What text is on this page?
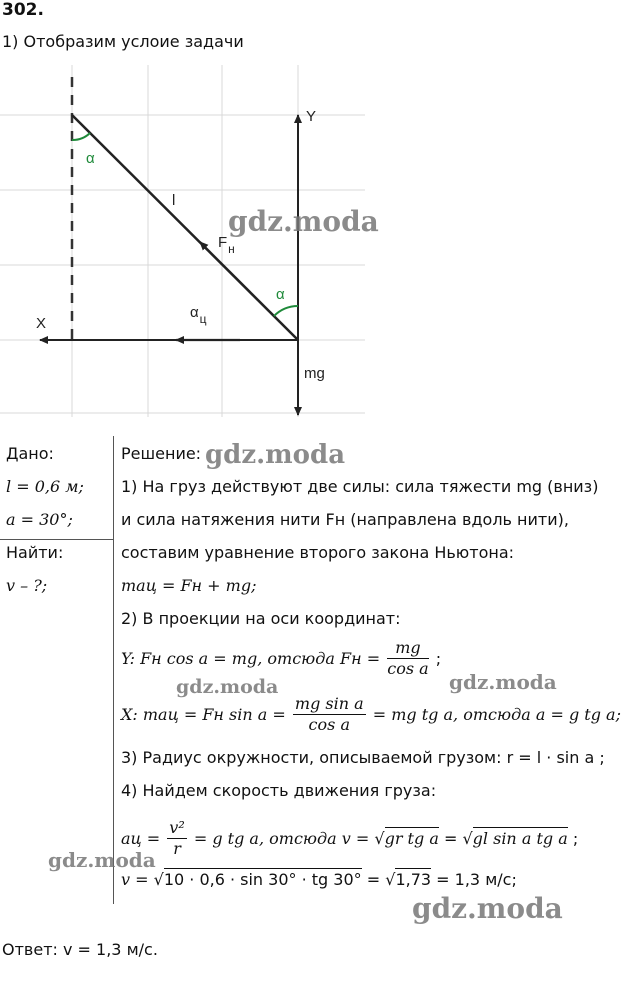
302.
1) Отобразим услоие задачи
Y
X
α
α
l
$F_н$
$\alpha_ц$
mg
Дано:
l = 0,6 м;
a = 30°;
Найти:
v – ?;
Решение:
1) На груз действуют две силы: сила тяжести mg (вниз)
и сила натяжения нити Fн (направлена вдоль нити),
составим уравнение второго закона Ньютона:
maц = Fн + mg;
2) В проекции на оси координат:
Y: Fн cos a = mg, отсюда Fн = $\frac{mg}{\text{cos a}}$ ;
X: maц = Fн $\sin a = \frac{\text{mg sin a}}{\text{cos a}}$ = mg tg a, отсюда a = g tg a;
3) Радиус окружности, описываемой грузом: r = l · sin a ;
4) Найдем скорость движения груза:
aц = $\frac{\text{v²}}{r} = g$ tg a, отсюда v = √gr tg a = √gl sin a tg a ;
v = √10 · 0,6 · sin 30° · tg 30° = √1,73 = 1,3 м/с;
Ответ: v = 1,3 м/с.
gdz.moda
gdz.moda
gdz.moda	gdz.moda
gdz.moda
gdz.moda
